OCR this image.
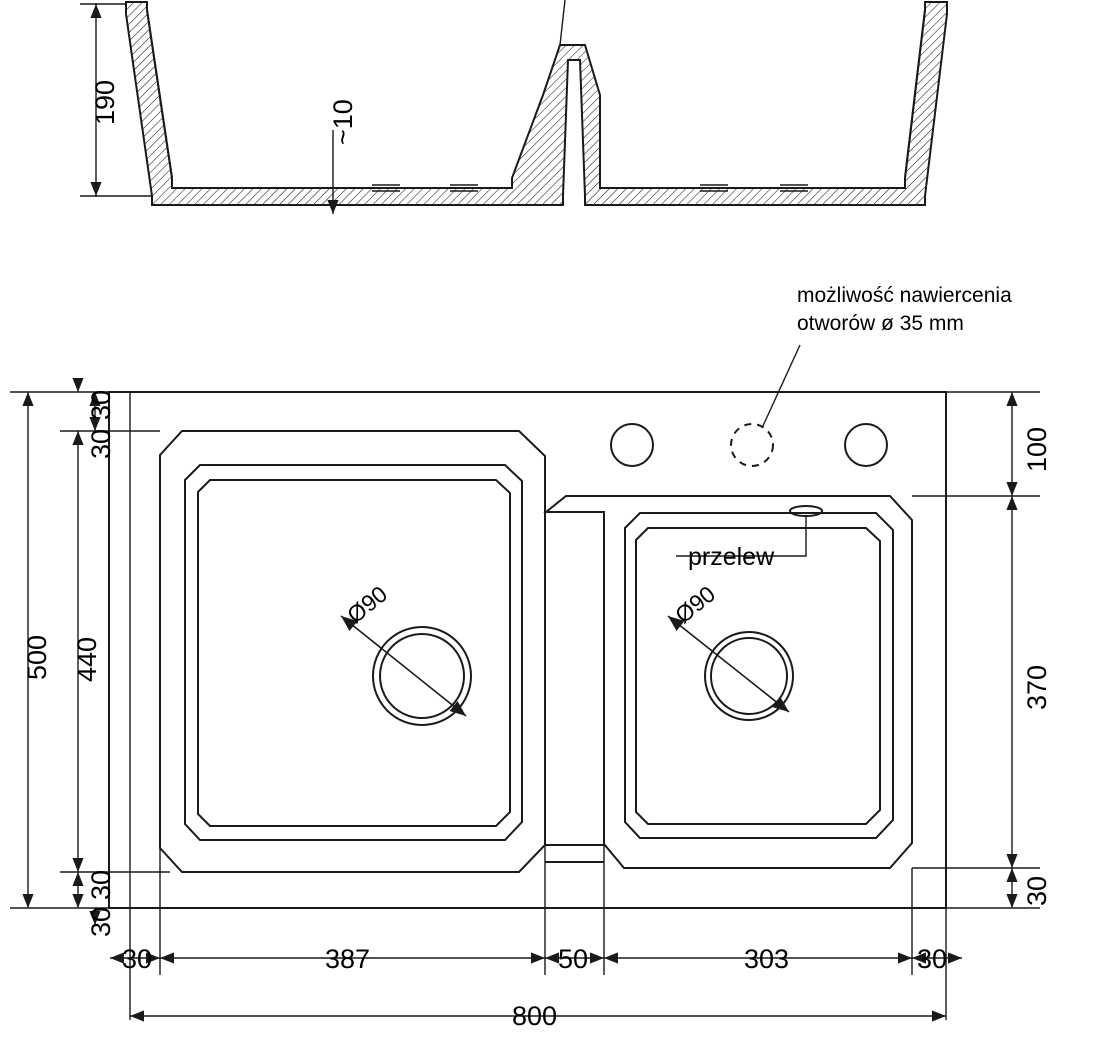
190	~10
możliwość nawiercenia
otworów ø 35 mm
przelew
Ø90	Ø90
500 440
30
30
30
30
100
370
30
30	387	50	303	30
800
